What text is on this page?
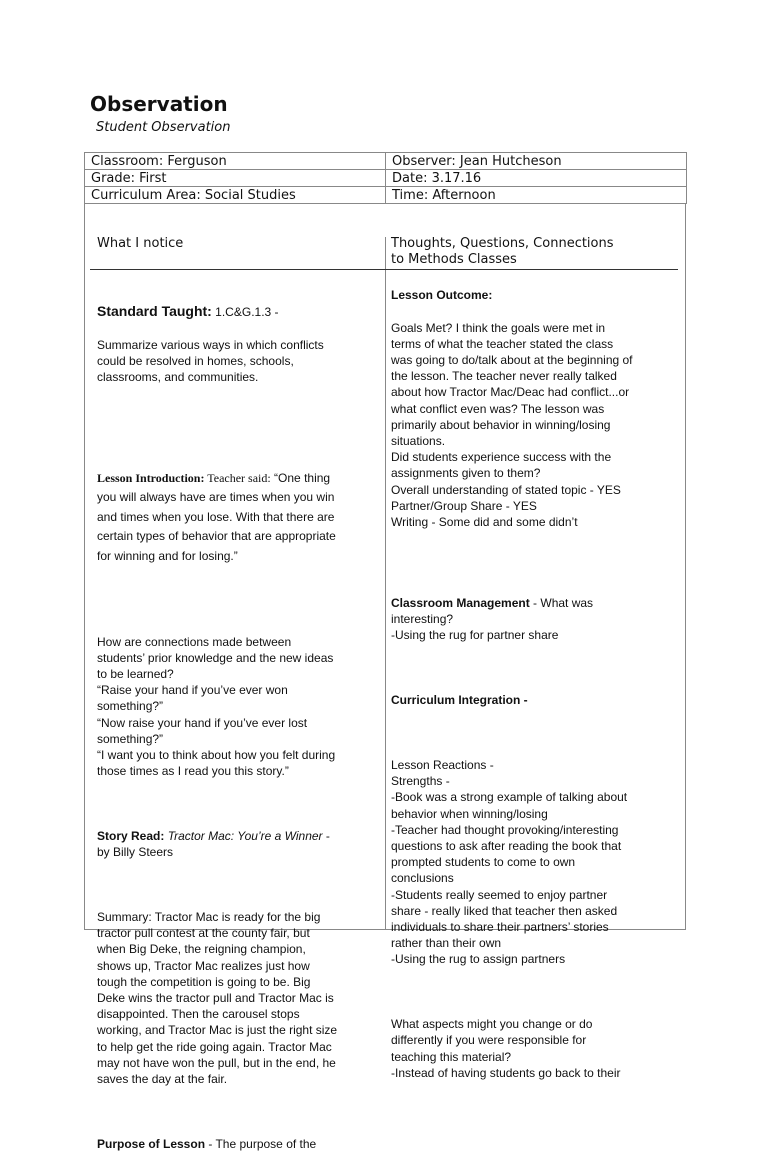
Observation
Student Observation
Classroom: Ferguson	Observer: Jean Hutcheson
Grade: First	Date: 3.17.16
Curriculum Area: Social Studies	Time: Afternoon
What I notice	Thoughts, Questions, Connections
to Methods Classes

Standard Taught: 1.C&G.1.3 -

Summarize various ways in which conflicts
could be resolved in homes, schools,
classrooms, and communities.

Lesson Introduction: Teacher said: “One thing

you will always have are times when you win
and times when you lose. With that there are
certain types of behavior that are appropriate
for winning and for losing.”

How are connections made between
students’ prior knowledge and the new ideas
to be learned?
“Raise your hand if you’ve ever won
something?”
“Now raise your hand if you’ve ever lost
something?”
“I want you to think about how you felt during
those times as I read you this story.”

Story Read: Tractor Mac: You’re a Winner -
by Billy Steers

Summary: Tractor Mac is ready for the big
tractor pull contest at the county fair, but
when Big Deke, the reigning champion,
shows up, Tractor Mac realizes just how
tough the competition is going to be. Big
Deke wins the tractor pull and Tractor Mac is
disappointed. Then the carousel stops
working, and Tractor Mac is just the right size
to help get the ride going again. Tractor Mac
may not have won the pull, but in the end, he
saves the day at the fair.

Purpose of Lesson - The purpose of the

Lesson Outcome:

Goals Met? I think the goals were met in
terms of what the teacher stated the class
was going to do/talk about at the beginning of
the lesson. The teacher never really talked
about how Tractor Mac/Deac had conflict...or
what conflict even was? The lesson was
primarily about behavior in winning/losing
situations.
Did students experience success with the
assignments given to them?
Overall understanding of stated topic - YES
Partner/Group Share - YES
Writing - Some did and some didn’t

Classroom Management - What was
interesting?
-Using the rug for partner share

Curriculum Integration -

Lesson Reactions -
Strengths -
-Book was a strong example of talking about
behavior when winning/losing
-Teacher had thought provoking/interesting
questions to ask after reading the book that
prompted students to come to own
conclusions
-Students really seemed to enjoy partner
share - really liked that teacher then asked
individuals to share their partners’ stories
rather than their own
-Using the rug to assign partners

What aspects might you change or do
differently if you were responsible for
teaching this material?
-Instead of having students go back to their
